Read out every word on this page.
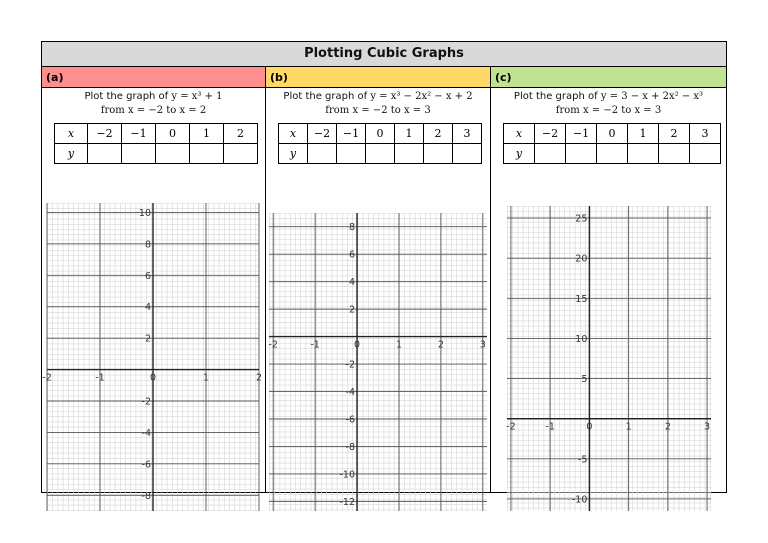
Plotting Cubic Graphs
(a)
Plot the graph of y = x³ + 1
from x = −2 to x = 2
x	−2	−1	0	1	2
y					
-2	-1	0	1	2
10
8
6
4
2
-2
-4
-6
-8
(b)
Plot the graph of y = x³ − 2x² − x + 2
from x = −2 to x = 3
x	−2	−1	0	1	2	3
y						
-2	-1	0	1	2	3
8
6
4
2
-2
-4
-6
-8
-10
-12
(c)
Plot the graph of y = 3 − x + 2x² − x³
from x = −2 to x = 3
x	−2	−1	0	1	2	3
y						
-2	-1	0	1	2	3
25
20
15
10
5
-5
-10
